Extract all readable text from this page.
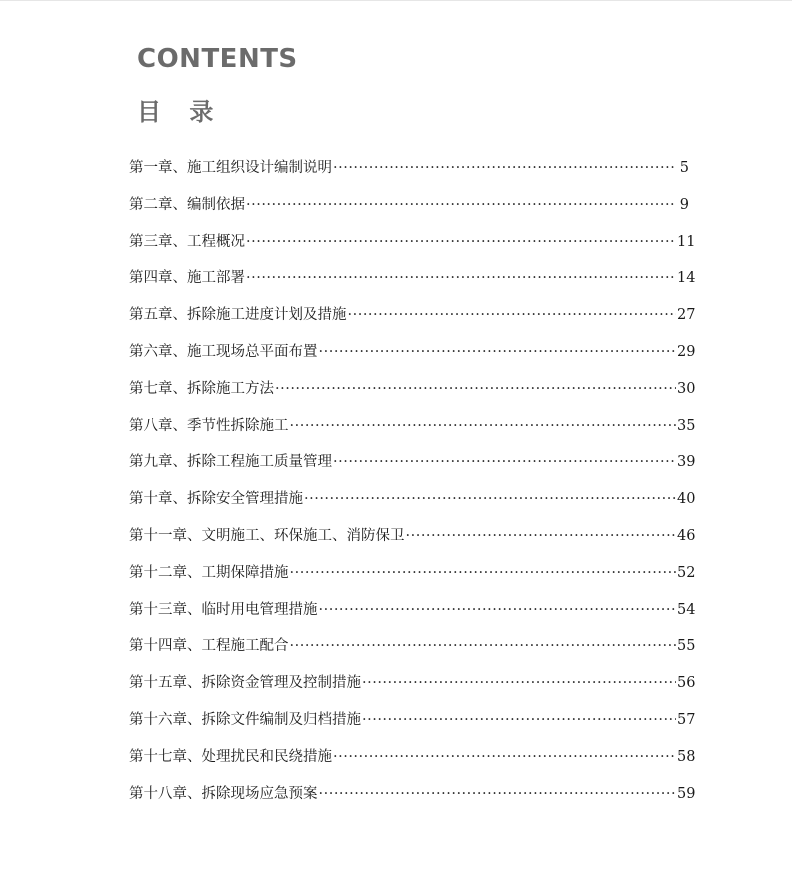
CONTENTS
目 录
第一章、施工组织设计编制说明 ·····	5
第二章、编制依据 ·····	9
第三章、工程概况 ·····	11
第四章、施工部署 ·····	14
第五章、拆除施工进度计划及措施 ·····	27
第六章、施工现场总平面布置 ·····	29
第七章、拆除施工方法 ·····	30
第八章、季节性拆除施工 ·····	35
第九章、拆除工程施工质量管理 ·····	39
第十章、拆除安全管理措施 ·····	40
第十一章、文明施工、环保施工、消防保卫 ·····	46
第十二章、工期保障措施 ·····	52
第十三章、临时用电管理措施 ·····	54
第十四章、工程施工配合 ·····	55
第十五章、拆除资金管理及控制措施 ·····	56
第十六章、拆除文件编制及归档措施 ·····	57
第十七章、处理扰民和民绕措施 ·····	58
第十八章、拆除现场应急预案 ·····	59
